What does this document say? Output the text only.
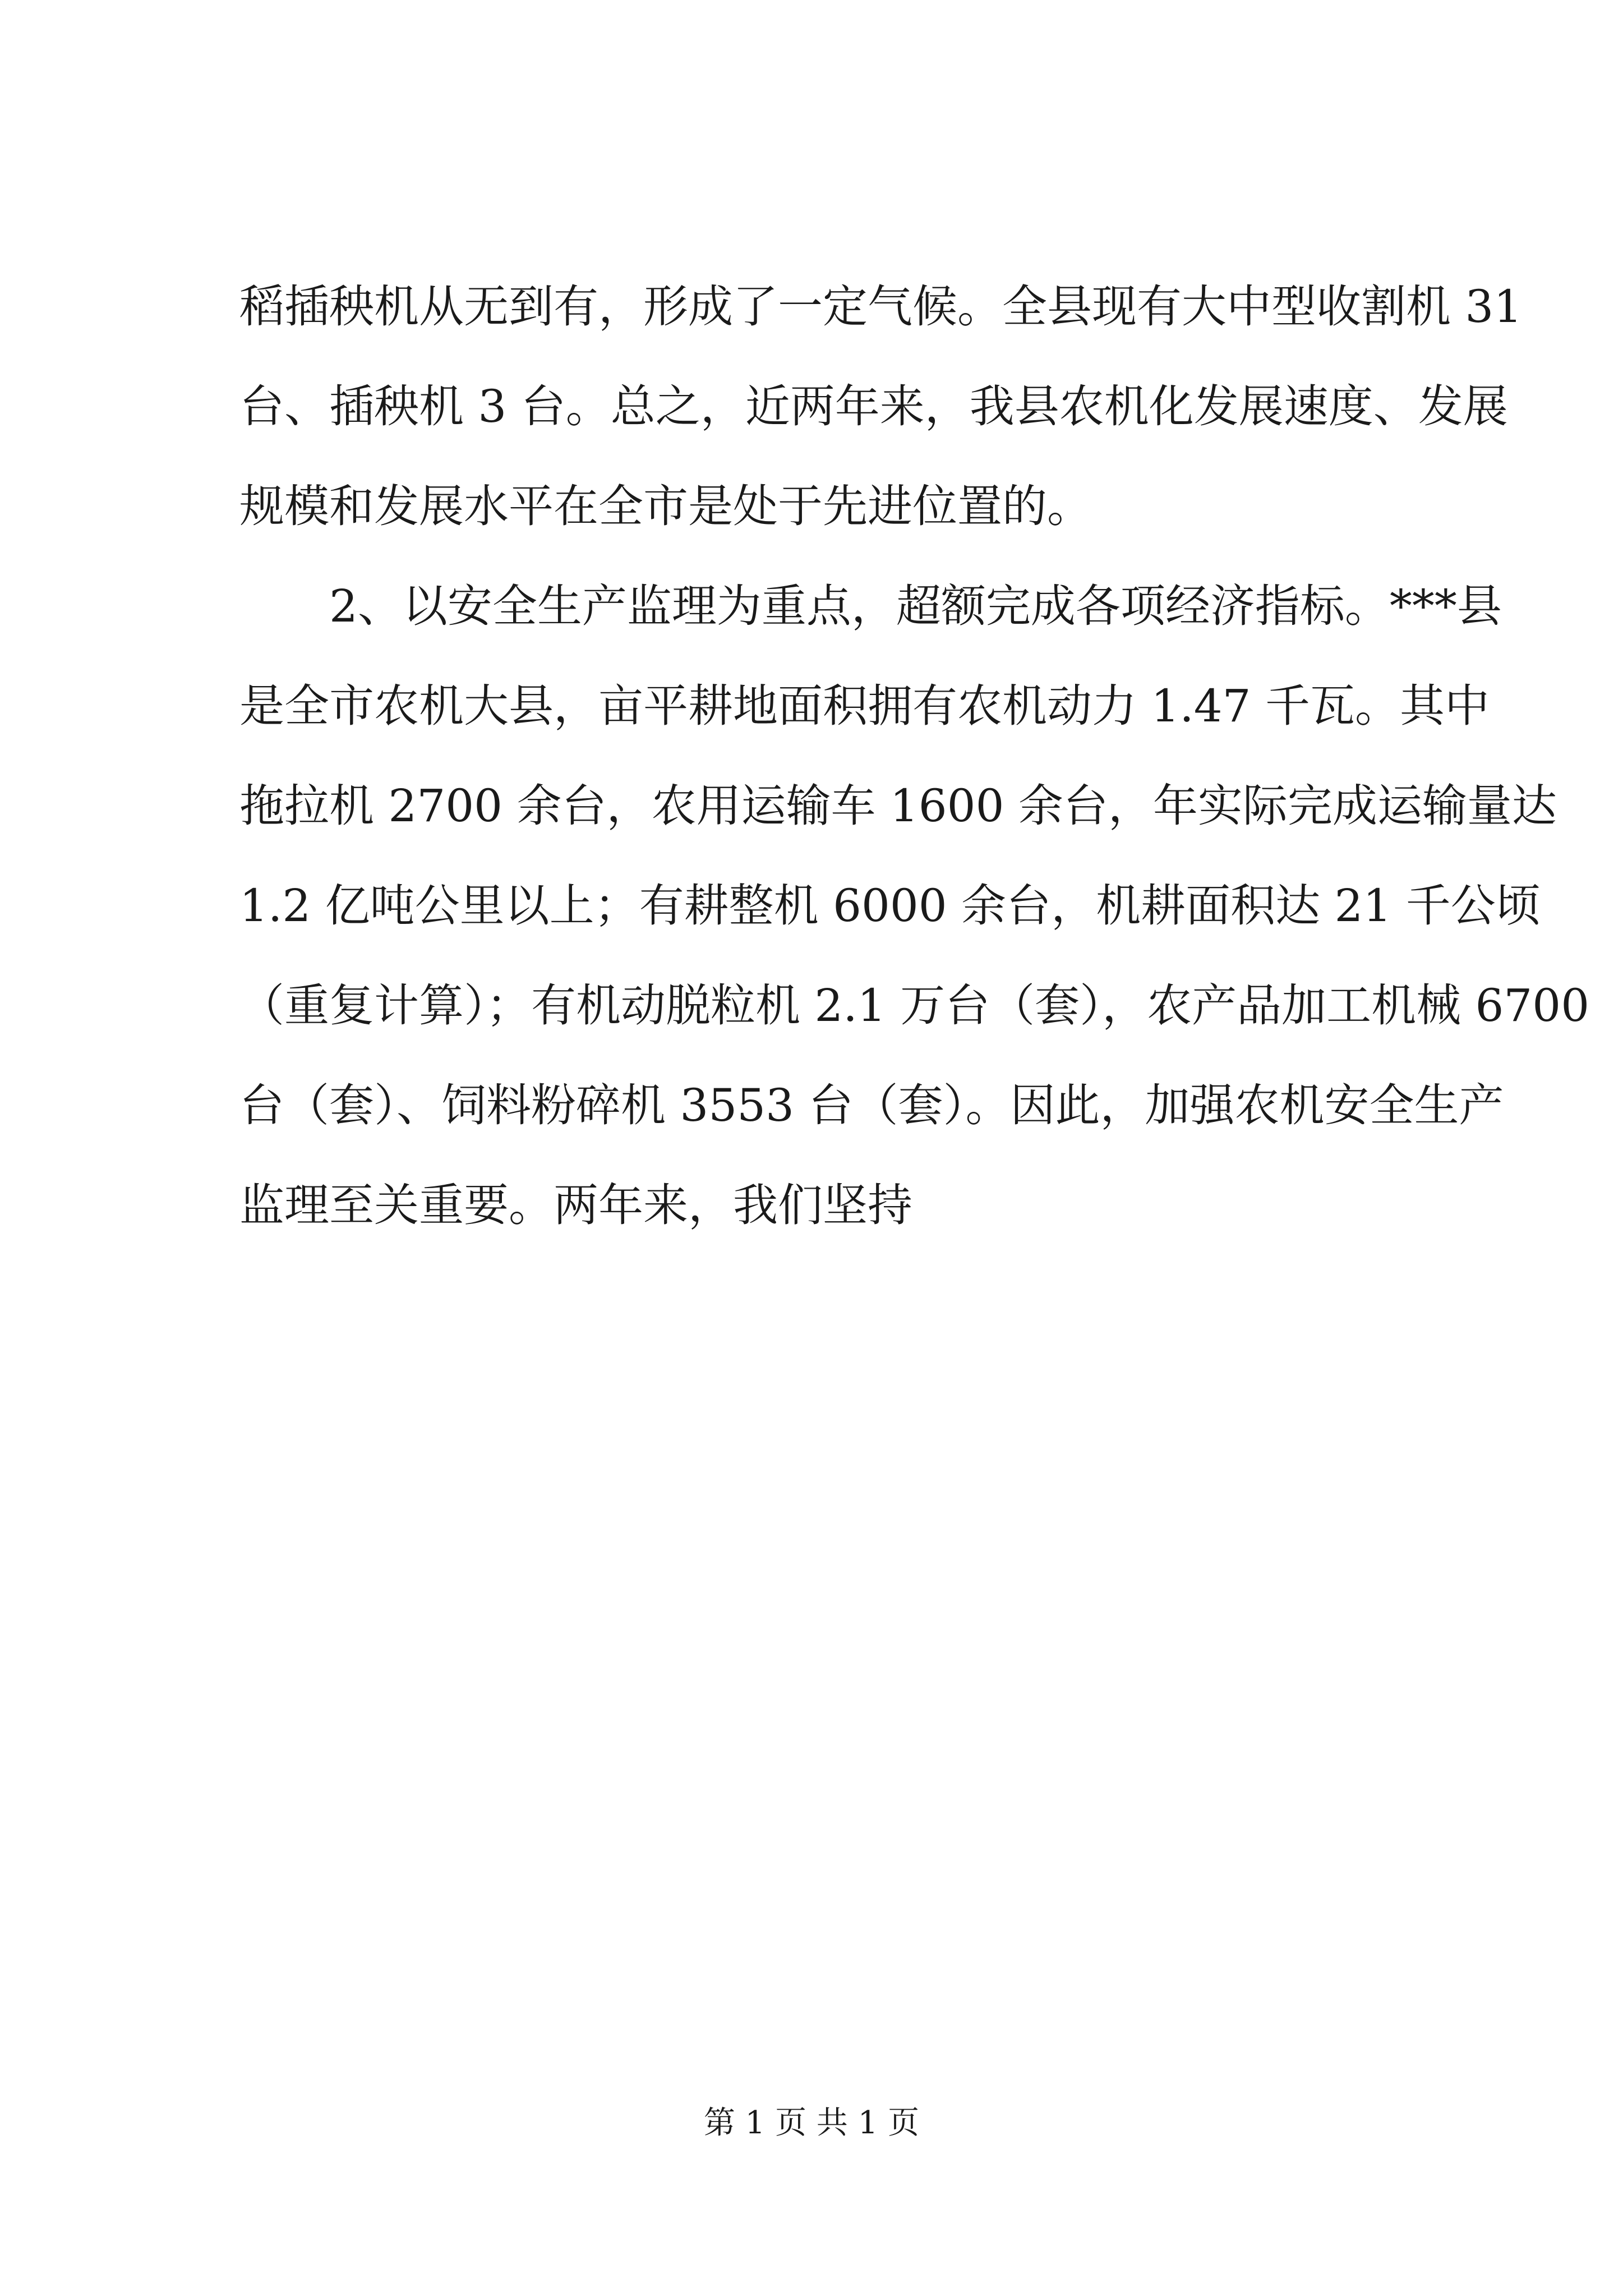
稻插秧机从无到有，形成了一定气候。全县现有大中型收割机 31
台、插秧机 3 台。总之，近两年来，我县农机化发展速度、发展
规模和发展水平在全市是处于先进位置的。
2、以安全生产监理为重点，超额完成各项经济指标。***县
是全市农机大县，亩平耕地面积拥有农机动力 1.47 千瓦。其中
拖拉机 2700 余台，农用运输车 1600 余台，年实际完成运输量达
1.2 亿吨公里以上；有耕整机 6000 余台，机耕面积达 21 千公顷
（重复计算）；有机动脱粒机 2.1 万台（套），农产品加工机械 6700
台（套）、饲料粉碎机 3553 台（套）。因此，加强农机安全生产
监理至关重要。两年来，我们坚持
第 1 页 共 1 页
